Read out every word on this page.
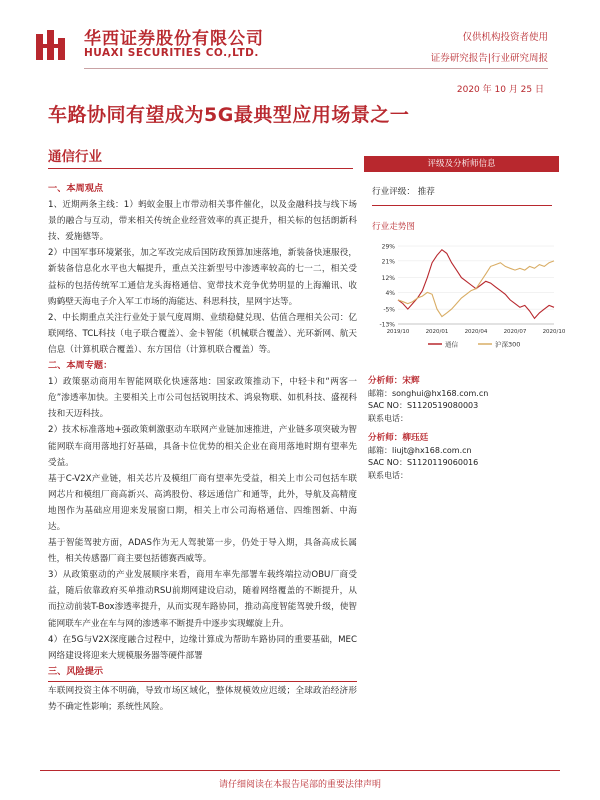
华西证券股份有限公司
HUAXI SECURITIES CO.,LTD.
仅供机构投资者使用
证券研究报告|行业研究周报
2020 年 10 月 25 日
车路协同有望成为5G最典型应用场景之一
通信行业
一、本周观点

1、近期两条主线：1）蚂蚁金服上市带动相关事件催化，以及金融科技与线下场景的融合与互动，带来相关传统企业经营效率的真正提升，相关标的包括朗新科技、爱施德等。

2）中国军事环境紧张，加之军改完成后国防政预算加速落地，新装备快速服役，新装备信息化水平也大幅提升，重点关注新型号中渗透率较高的七一二，相关受益标的包括传统军工通信龙头海格通信、宽带技术竞争优势明显的上海瀚讯、收购鹤壁天海电子介入军工市场的海能达、科思科技，星网宇达等。

2、中长期重点关注行业处于景气度周期、业绩稳健兑现、估值合理相关公司：亿联网络、TCL科技（电子联合覆盖）、金卡智能（机械联合覆盖）、光环新网、航天信息（计算机联合覆盖）、东方国信（计算机联合覆盖）等。

二、本周专题：

1）政策驱动商用车智能网联化快速落地：国家政策推动下，中轻卡和“两客一危”渗透率加快。主要相关上市公司包括锐明技术、鸿泉物联、如机科技、盛视科技和天迈科技。

2）技术标准落地+强政策刺激驱动车联网产业链加速推进，产业链多项突破为智能网联车商用落地打好基础，具备卡位优势的相关企业在商用落地时期有望率先受益。

基于C-V2X产业链，相关芯片及模组厂商有望率先受益，相关上市公司包括车联网芯片和模组厂商高新兴、高鸿股份、移远通信广和通等，此外，导航及高精度地图作为基础应用迎来发展窗口期，相关上市公司海格通信、四维图新、中海达。

基于智能驾驶方面，ADAS作为无人驾驶第一步，仍处于导入期，具备高成长属性，相关传感器厂商主要包括德赛西威等。

3）从政策驱动的产业发展顺序来看，商用车率先部署车载终端拉动OBU厂商受益，随后依靠政府买单推动RSU前期网建设启动，随着网络覆盖的不断提升，从而拉动前装T-Box渗透率提升，从而实现车路协同，推动高度智能驾驶升级，使智能网联车产业在车与网的渗透率不断提升中逐步实现螺旋上升。

4）在5G与V2X深度融合过程中，边缘计算成为帮助车路协同的重要基础，MEC网络建设将迎来大规模服务器等硬件部署

三、风险提示

车联网投资主体不明确，导致市场区域化，整体规模效应迟缓；全球政治经济形势不确定性影响；系统性风险。

评级及分析师信息
行业评级： 推荐
行业走势图
29%
21%
12%
4%
-5%
-13%
2019/10	2020/01	2020/04	2020/07	2020/10
通信	沪深300
分析师：宋辉
邮箱：songhui@hx168.com.cn
SAC NO：S1120519080003
联系电话：
分析师：柳珏廷
邮箱：liujt@hx168.com.cn
SAC NO：S1120119060016
联系电话：
请仔细阅读在本报告尾部的重要法律声明
